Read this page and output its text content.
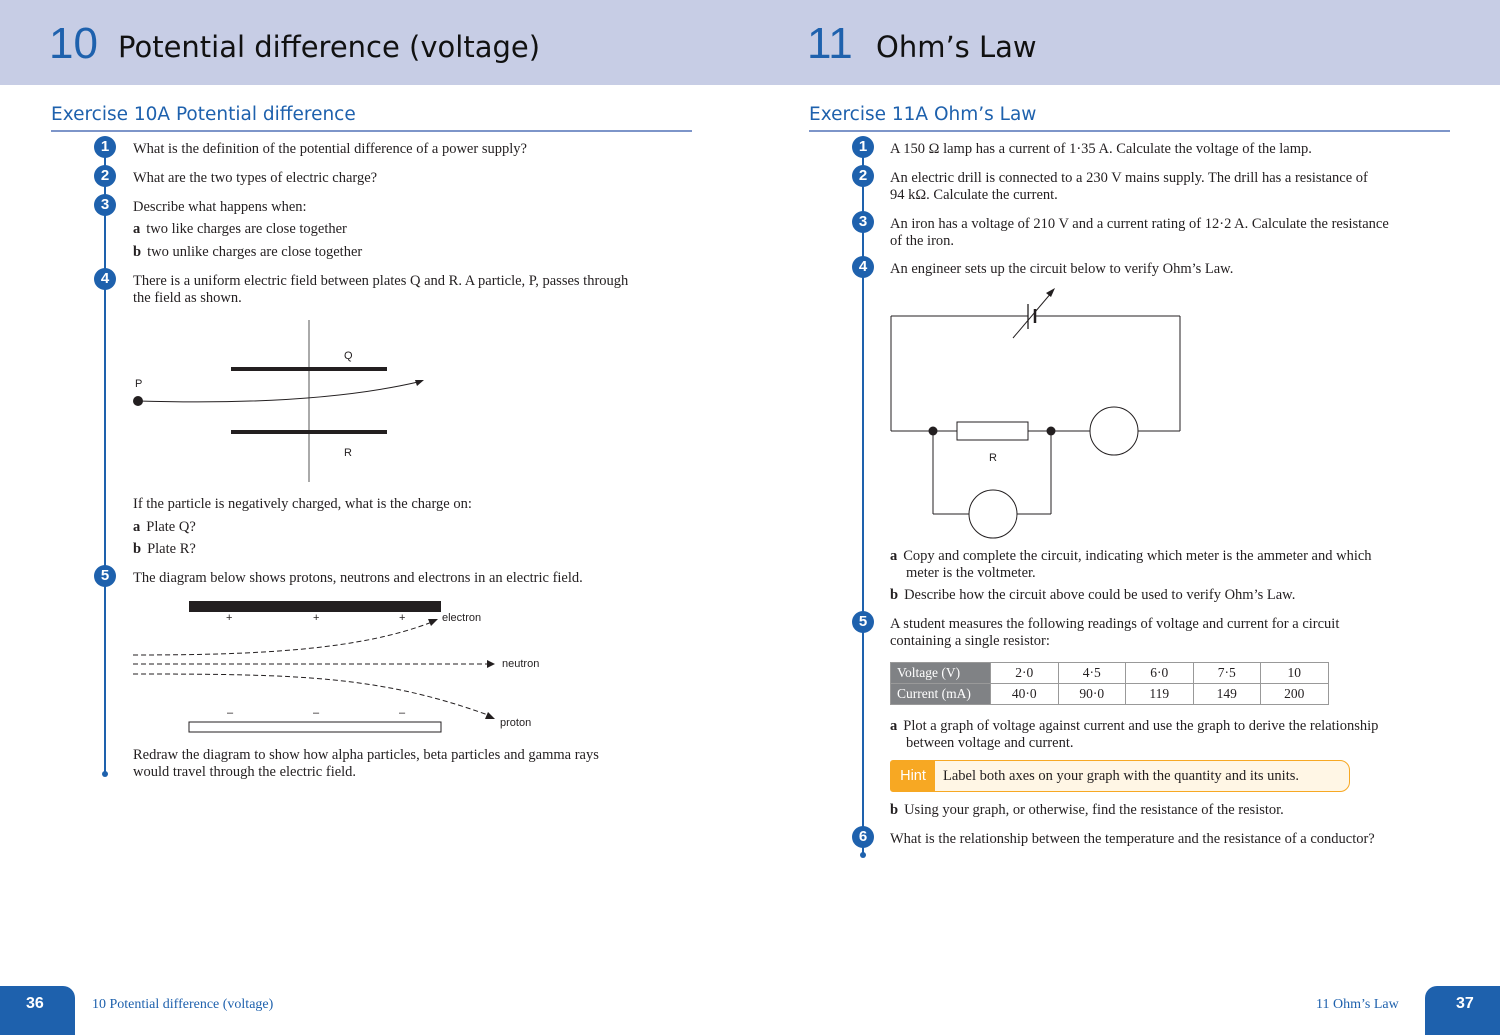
10 Potential difference (voltage)
Exercise 10A Potential difference
1	What is the definition of the potential difference of a power supply?
2	What are the two types of electric charge?
3	Describe what happens when:
a two like charges are close together
b two unlike charges are close together
4	There is a uniform electric field between plates Q and R. A particle, P, passes through
the field as shown.
P
Q
R
If the particle is negatively charged, what is the charge on:
a Plate Q?
b Plate R?
5	The diagram below shows protons, neutrons and electrons in an electric field.
+	+	+
–	–	–
electron
neutron
proton
Redraw the diagram to show how alpha particles, beta particles and gamma rays
would travel through the electric field.
11 Ohm’s Law
Exercise 11A Ohm’s Law
1	A 150 Ω lamp has a current of 1·35 A. Calculate the voltage of the lamp.
2	An electric drill is connected to a 230 V mains supply. The drill has a resistance of
94 kΩ. Calculate the current.
3	An iron has a voltage of 210 V and a current rating of 12·2 A. Calculate the resistance
of the iron.
4	An engineer sets up the circuit below to verify Ohm’s Law.
R
a Copy and complete the circuit, indicating which meter is the ammeter and which
meter is the voltmeter.
b Describe how the circuit above could be used to verify Ohm’s Law.
5	A student measures the following readings of voltage and current for a circuit
containing a single resistor:
Voltage (V)	2·0	4·5	6·0	7·5	10
Current (mA)	40·0	90·0	119	149	200
a Plot a graph of voltage against current and use the graph to derive the relationship
between voltage and current.
Hint	Label both axes on your graph with the quantity and its units.
b Using your graph, or otherwise, find the resistance of the resistor.
6	What is the relationship between the temperature and the resistance of a conductor?
36	10 Potential difference (voltage)	11 Ohm’s Law	37
